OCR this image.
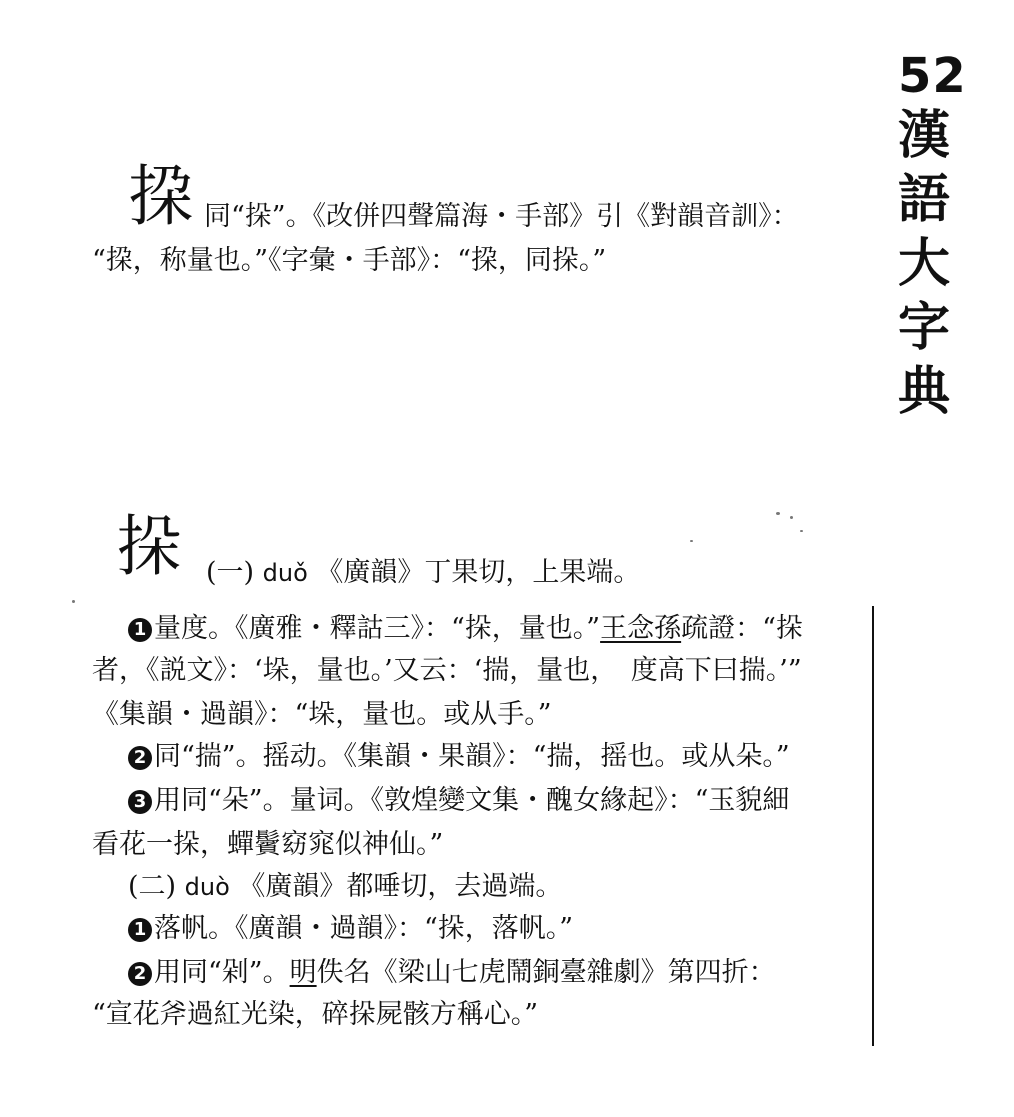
52
漢語大字典
挅 同“挆”。《改併四聲篇海・手部》引《對韻音訓》：
“挅，称量也。”《字彙・手部》：“挅，同挆。”
挆 (一) duǒ 《廣韻》丁果切，上果端。
1 量度。《廣雅・釋詁三》：“挆，量也。”王念孫疏證：“挆
者，《説文》：‘垛，量也。’又云：‘揣，量也，　度高下曰揣。’”
《集韻・過韻》：“垛，量也。或从手。”
2 同“揣”。摇动。《集韻・果韻》：“揣，摇也。或从朵。”
3 用同“朵”。量词。《敦煌變文集・醜女緣起》：“玉貌細
看花一挆，蟬鬢窈窕似神仙。”
(二) duò 《廣韻》都唾切，去過端。
1 落帆。《廣韻・過韻》：“挆，落帆。”
2 用同“剁”。明佚名《梁山七虎鬧銅臺雜劇》第四折：
“宣花斧過紅光染，碎挆屍骸方稱心。”
